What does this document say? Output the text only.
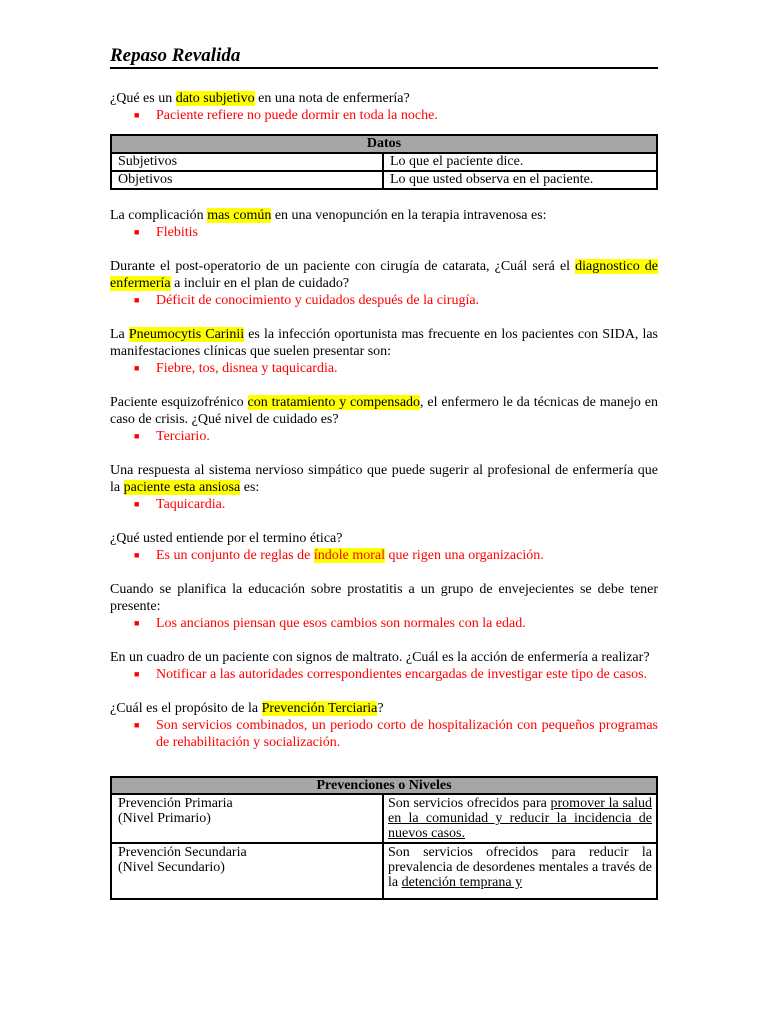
Repaso Revalida

¿Qué es un dato subjetivo en una nota de enfermería?

■ Paciente refiere no puede dormir en toda la noche.

Datos	
Subjetivos	Lo que el paciente dice.
Objetivos	Lo que usted observa en el paciente.

La complicación mas común en una venopunción en la terapia intravenosa es:

■ Flebitis

Durante el post-operatorio de un paciente con cirugía de catarata, ¿Cuál será el diagnostico de enfermería a incluir en el plan de cuidado?

■ Déficit de conocimiento y cuidados después de la cirugía.

La Pneumocytis Carinii es la infección oportunista mas frecuente en los pacientes con SIDA, las manifestaciones clínicas que suelen presentar son:

■ Fiebre, tos, disnea y taquicardia.

Paciente esquizofrénico con tratamiento y compensado, el enfermero le da técnicas de manejo en caso de crisis. ¿Qué nivel de cuidado es?

■ Terciario.

Una respuesta al sistema nervioso simpático que puede sugerir al profesional de enfermería que la paciente esta ansiosa es:

■ Taquicardia.

¿Qué usted entiende por el termino ética?

■ Es un conjunto de reglas de índole moral que rigen una organización.

Cuando se planifica la educación sobre prostatitis a un grupo de envejecientes se debe tener presente:

■ Los ancianos piensan que esos cambios son normales con la edad.

En un cuadro de un paciente con signos de maltrato. ¿Cuál es la acción de enfermería a realizar?

■ Notificar a las autoridades correspondientes encargadas de investigar este tipo de casos.

¿Cuál es el propósito de la Prevención Terciaria?

■ Son servicios combinados, un periodo corto de hospitalización con pequeños programas de rehabilitación y socialización.

Prevenciones o Niveles	

Prevención Primaria
(Nivel Primario)	Son servicios ofrecidos para promover la salud en la comunidad y reducir la incidencia de nuevos casos.

Prevención Secundaria
(Nivel Secundario)	Son servicios ofrecidos para reducir la prevalencia de desordenes mentales a través de la detención temprana y
